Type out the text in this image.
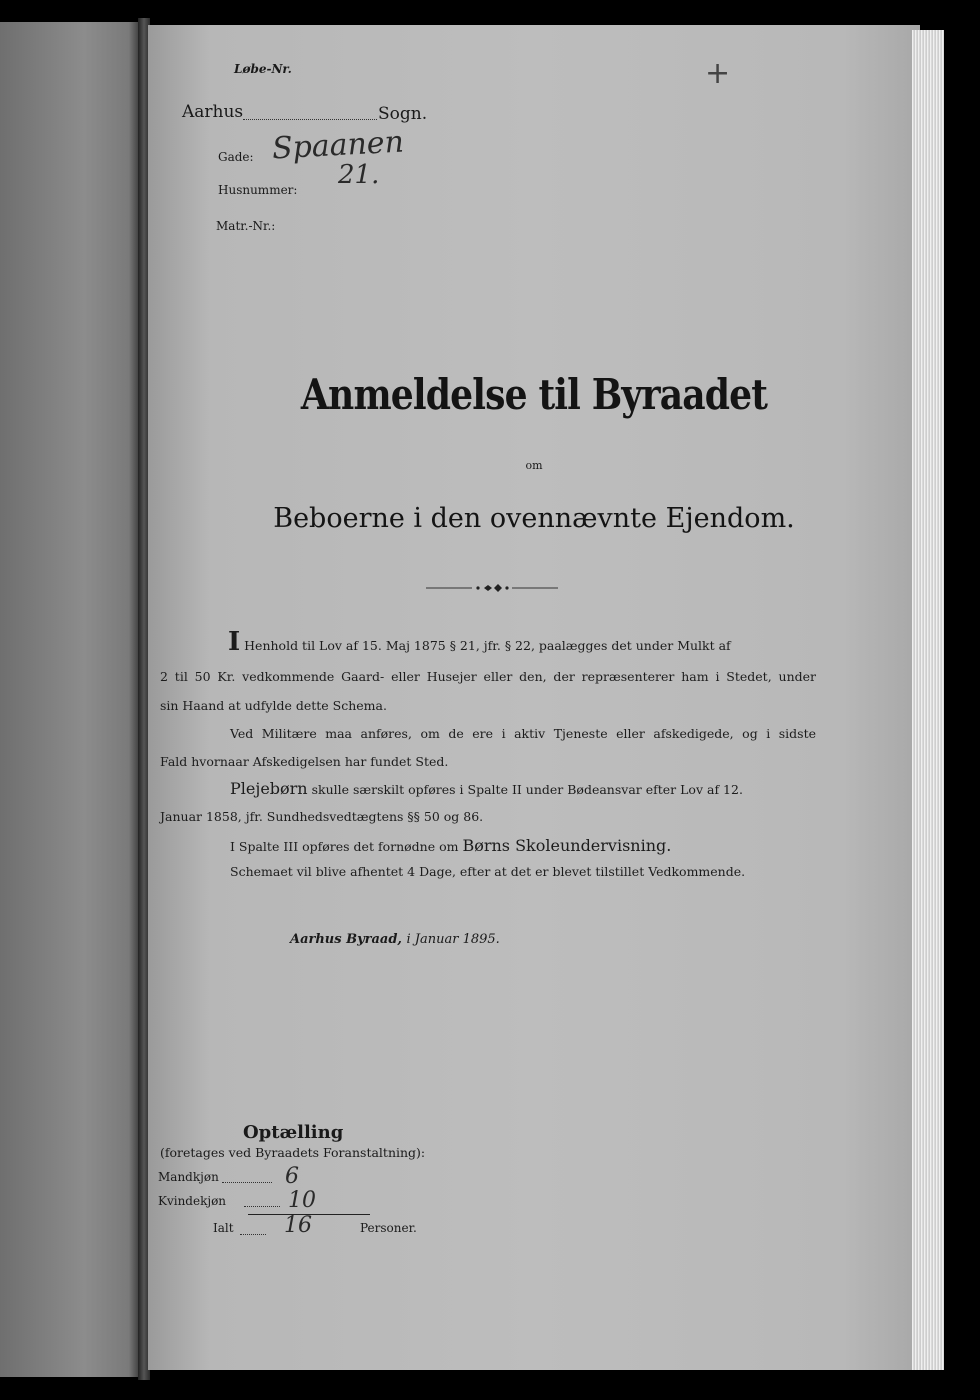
Løbe-Nr.	+
Aarhus	Sogn.
Gade: Spaanen
Husnummer: 21.
Matr.-Nr.:
Anmeldelse til Byraadet
om
Beboerne i den ovennævnte Ejendom.
I Henhold til Lov af 15. Maj 1875 § 21, jfr. § 22, paalægges det under Mulkt af
2 til 50 Kr. vedkommende Gaard- eller Husejer eller den, der repræsenterer ham i Stedet, under
sin Haand at udfylde dette Schema.
Ved Militære maa anføres, om de ere i aktiv Tjeneste eller afskedigede, og i sidste
Fald hvornaar Afskedigelsen har fundet Sted.
Plejebørn skulle særskilt opføres i Spalte II under Bødeansvar efter Lov af 12.
Januar 1858, jfr. Sundhedsvedtægtens §§ 50 og 86.
I Spalte III opføres det fornødne om Børns Skoleundervisning.
Schemaet vil blive afhentet 4 Dage, efter at det er blevet tilstillet Vedkommende.
Aarhus Byraad, i Januar 1895.
Optælling
(foretages ved Byraadets Foranstaltning):
Mandkjøn	6
Kvindekjøn	10
Ialt 16	Personer.
